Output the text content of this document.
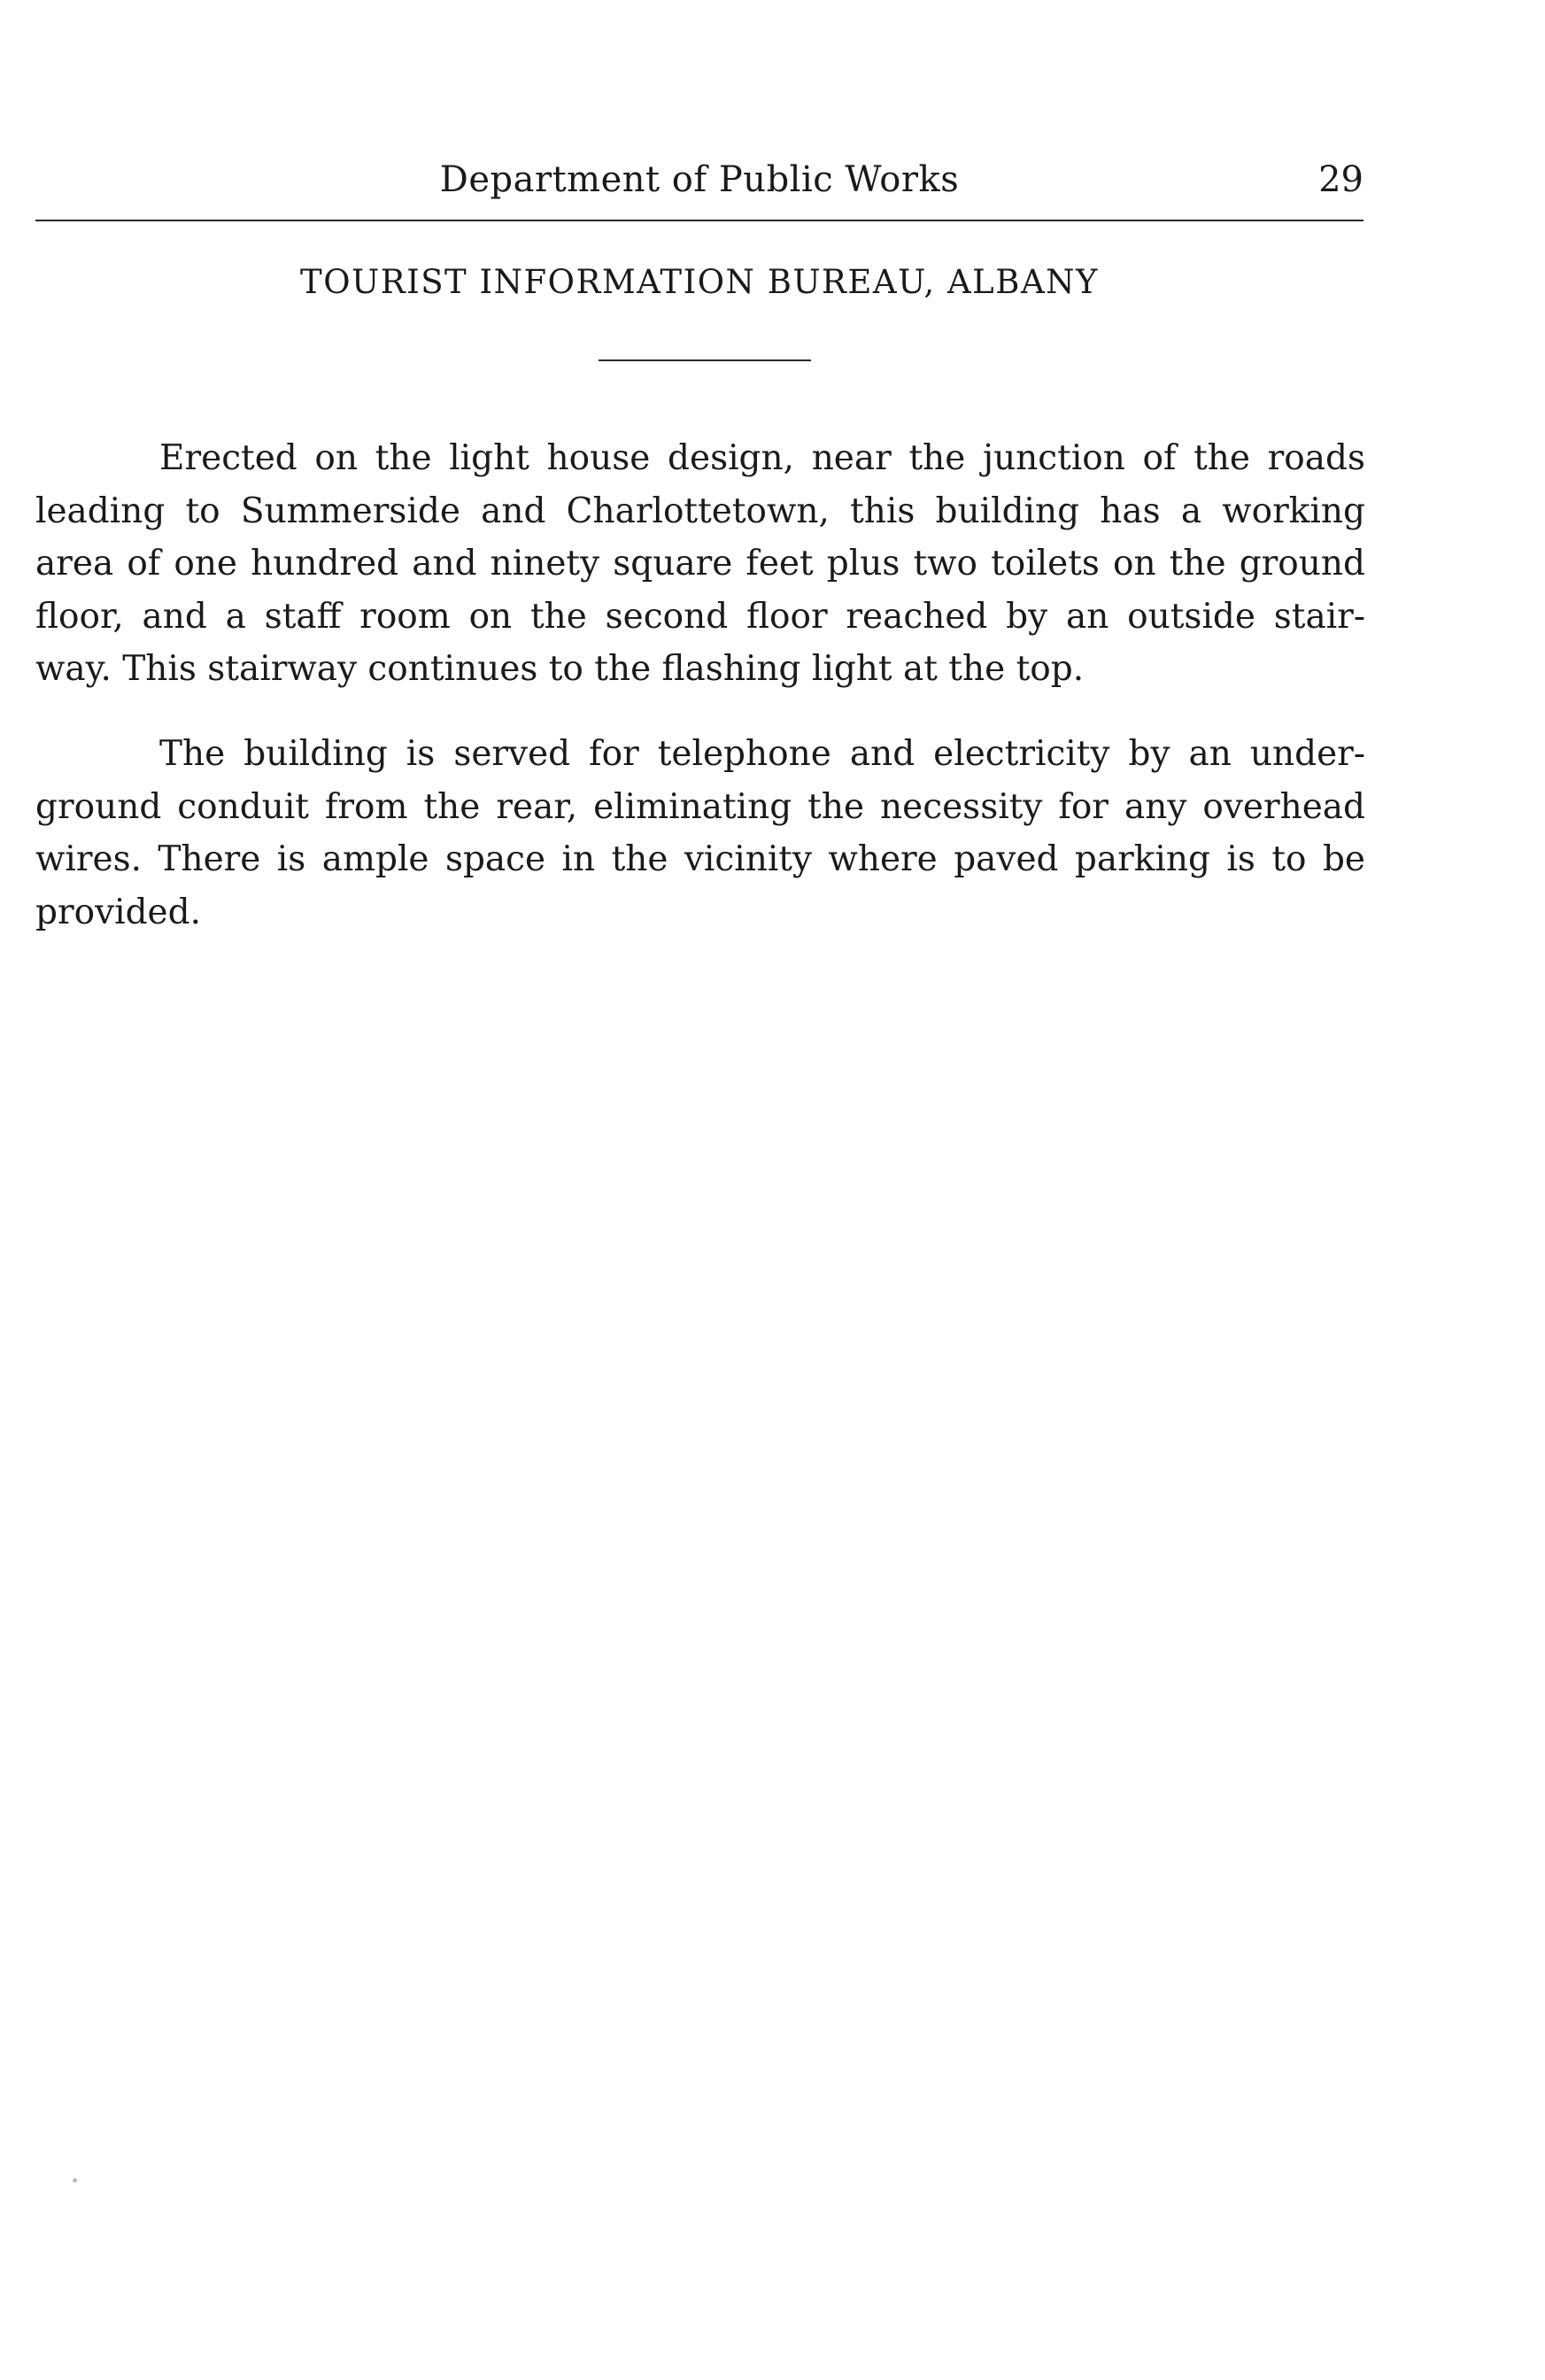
Department of Public Works	29
TOURIST INFORMATION BUREAU, ALBANY

Erected on the light house design, near the junction of the roads
leading to Summerside and Charlottetown, this building has a working
area of one hundred and ninety square feet plus two toilets on the ground
floor, and a staff room on the second floor reached by an outside stair-
way. This stairway continues to the flashing light at the top.

The building is served for telephone and electricity by an under-
ground conduit from the rear, eliminating the necessity for any overhead
wires. There is ample space in the vicinity where paved parking is to be
provided.
